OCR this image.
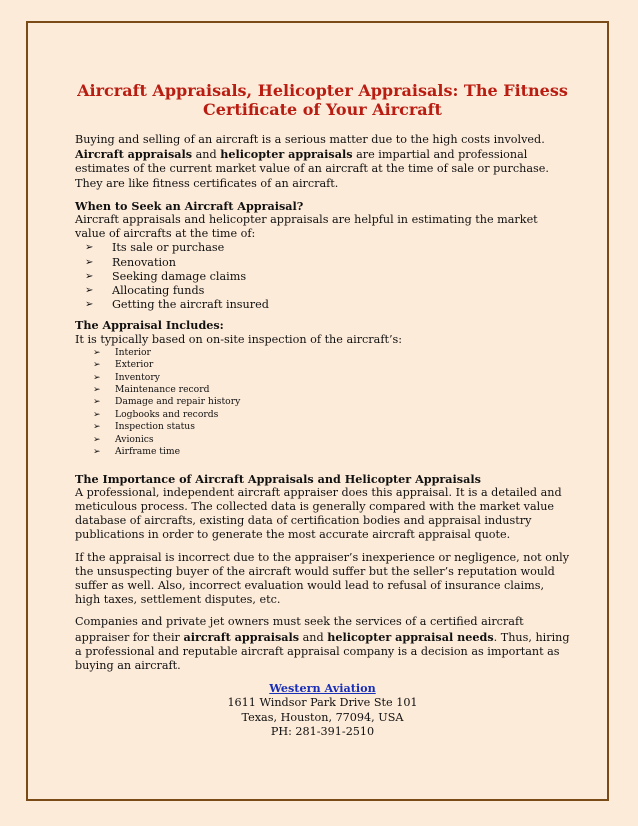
Aircraft Appraisals, Helicopter Appraisals: The Fitness Certificate of Your Aircraft

Buying and selling of an aircraft is a serious matter due to the high costs involved.
Aircraft appraisals and helicopter appraisals are impartial and professional estimates of the current market value of an aircraft at the time of sale or purchase. They are like fitness certificates of an aircraft.

When to Seek an Aircraft Appraisal?

Aircraft appraisals and helicopter appraisals are helpful in estimating the market value of aircrafts at the time of:

➢ Its sale or purchase
➢ Renovation
➢ Seeking damage claims
➢ Allocating funds
➢ Getting the aircraft insured

The Appraisal Includes:

It is typically based on on-site inspection of the aircraft’s:

➢ Interior
➢ Exterior
➢ Inventory
➢ Maintenance record
➢ Damage and repair history
➢ Logbooks and records
➢ Inspection status
➢ Avionics
➢ Airframe time

The Importance of Aircraft Appraisals and Helicopter Appraisals

A professional, independent aircraft appraiser does this appraisal. It is a detailed and meticulous process. The collected data is generally compared with the market value database of aircrafts, existing data of certification bodies and appraisal industry publications in order to generate the most accurate aircraft appraisal quote.

If the appraisal is incorrect due to the appraiser’s inexperience or negligence, not only the unsuspecting buyer of the aircraft would suffer but the seller’s reputation would suffer as well. Also, incorrect evaluation would lead to refusal of insurance claims, high taxes, settlement disputes, etc.

Companies and private jet owners must seek the services of a certified aircraft appraiser for their aircraft appraisals and helicopter appraisal needs. Thus, hiring a professional and reputable aircraft appraisal company is a decision as important as buying an aircraft.

Western Aviation
1611 Windsor Park Drive Ste 101
Texas, Houston, 77094, USA
PH: 281-391-2510
